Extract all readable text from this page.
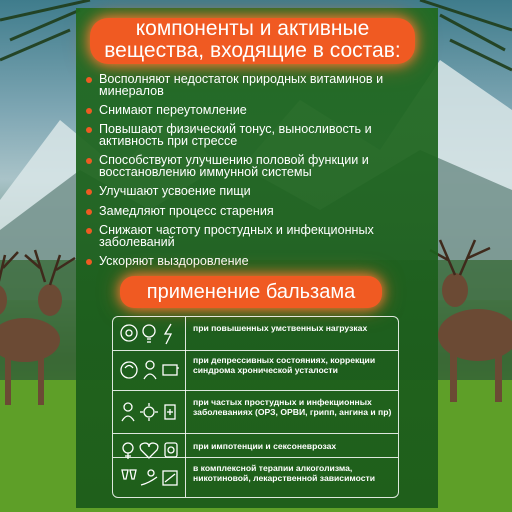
компоненты и активные вещества, входящие в состав:
Восполняют недостаток природных витаминов и минералов
Снимают переутомление
Повышают физический тонус, выносливость и активность при стрессе
Способствуют улучшению половой функции и восстановлению иммунной системы
Улучшают усвоение пищи
Замедляют процесс старения
Снижают частоту простудных и инфекционных заболеваний
Ускоряют выздоровление
применение бальзама
при повышенных умственных нагрузках
при депрессивных состояниях, коррекции синдрома хронической усталости
при частых простудных и инфекционных заболеваниях (ОРЗ, ОРВИ, грипп, ангина и пр)
при импотенции и сексоневрозах
в комплексной терапии алкоголизма, никотиновой, лекарственной зависимости
